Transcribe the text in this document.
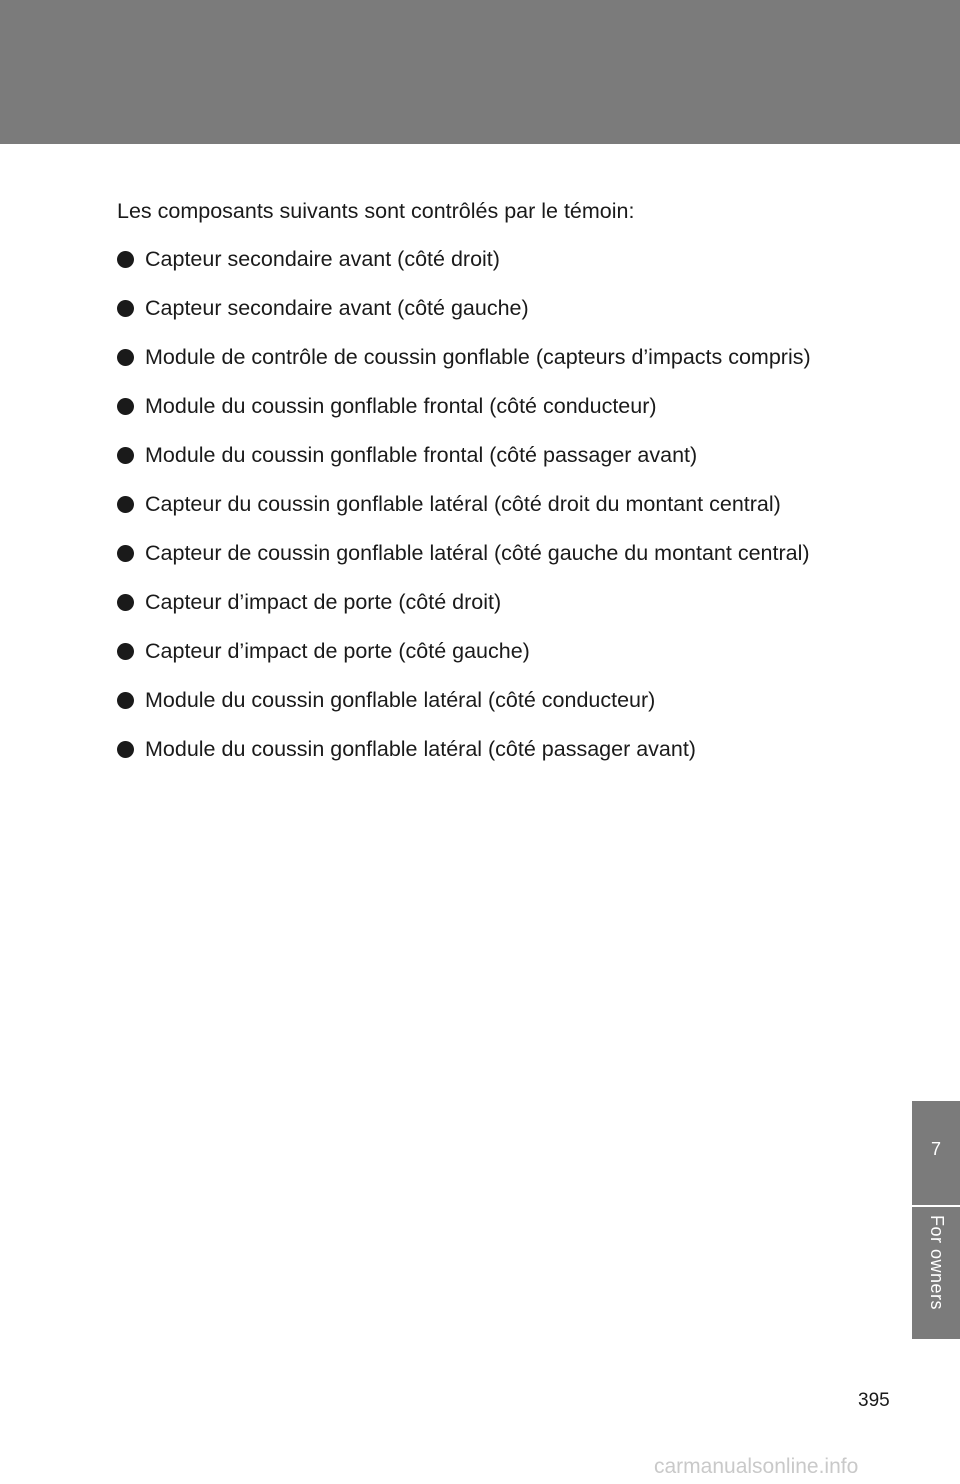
Les composants suivants sont contrôlés par le témoin:

Capteur secondaire avant (côté droit)
Capteur secondaire avant (côté gauche)
Module de contrôle de coussin gonflable (capteurs d’impacts compris)
Module du coussin gonflable frontal (côté conducteur)
Module du coussin gonflable frontal (côté passager avant)
Capteur du coussin gonflable latéral (côté droit du montant central)
Capteur de coussin gonflable latéral (côté gauche du montant central)
Capteur d’impact de porte (côté droit)
Capteur d’impact de porte (côté gauche)
Module du coussin gonflable latéral (côté conducteur)
Module du coussin gonflable latéral (côté passager avant)
7
For owners
395
carmanualsonline.info
